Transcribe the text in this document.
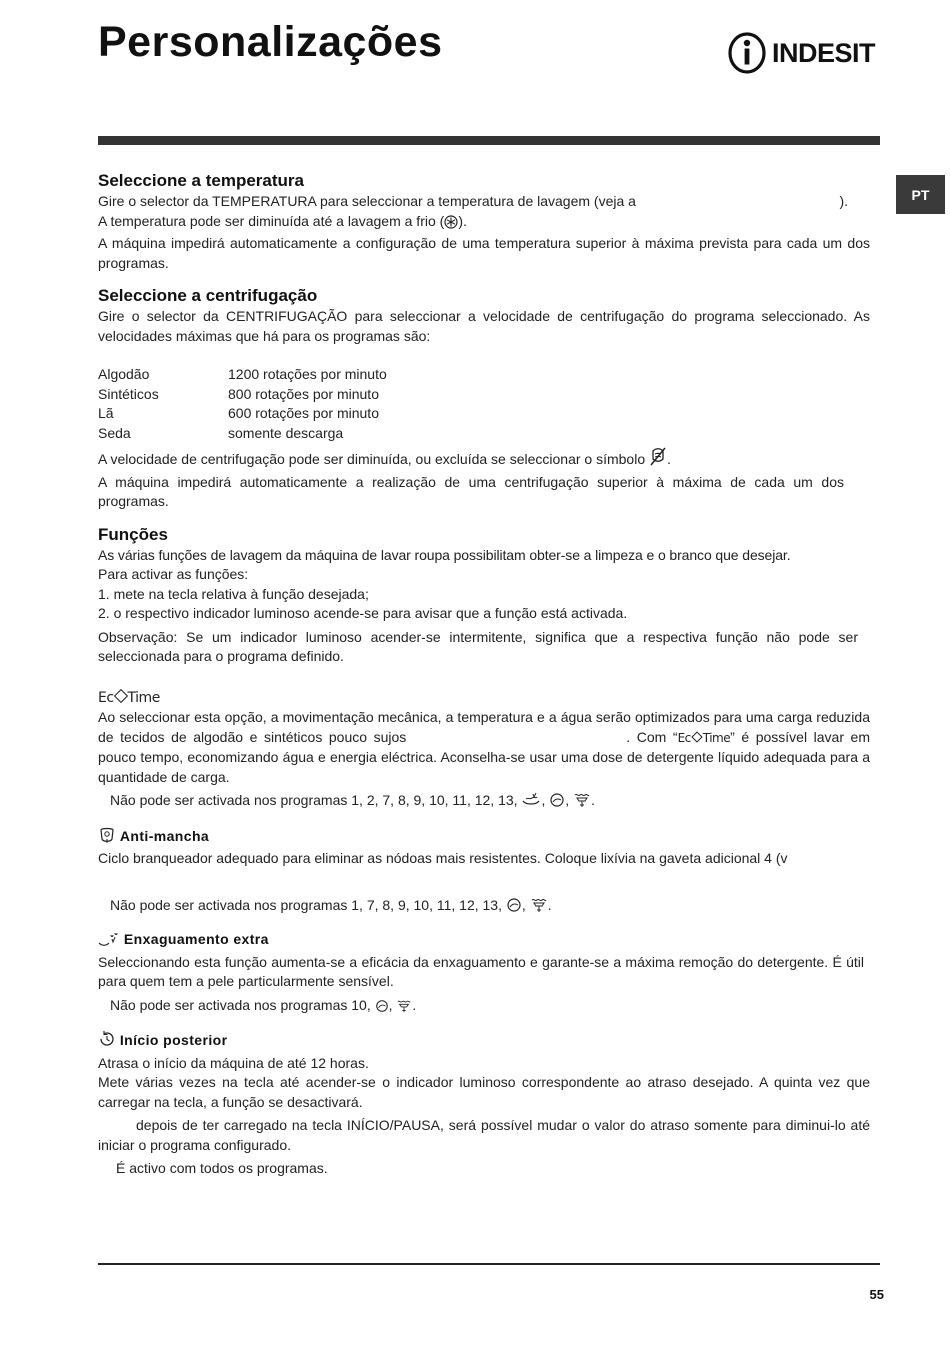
Personalizações	INDESIT
PT
Seleccione a temperatura

Gire o selector da TEMPERATURA para seleccionar a temperatura de lavagem (veja a	).

A temperatura pode ser diminuída até a lavagem a frio ( ).

A máquina impedirá automaticamente a configuração de uma temperatura superior à máxima prevista para cada um dos programas.

Seleccione a centrifugação

Gire o selector da CENTRIFUGAÇÃO para seleccionar a velocidade de centrifugação do programa seleccionado. As velocidades máximas que há para os programas são:

Algodão	1200 rotações por minuto
Sintéticos	800 rotações por minuto
Lã	600 rotações por minuto
Seda	somente descarga

A velocidade de centrifugação pode ser diminuída, ou excluída se seleccionar o símbolo .

A máquina impedirá automaticamente a realização de uma centrifugação superior à máxima de cada um dos programas.

Funções

As várias funções de lavagem da máquina de lavar roupa possibilitam obter-se a limpeza e o branco que desejar.

Para activar as funções:

1. mete na tecla relativa à função desejada;

2. o respectivo indicador luminoso acende-se para avisar que a função está activada.

Observação: Se um indicador luminoso acender-se intermitente, significa que a respectiva função não pode ser seleccionada para o programa definido.

Ec Time

Ao seleccionar esta opção, a movimentação mecânica, a temperatura e a água serão optimizados para uma carga reduzida de tecidos de algodão e sintéticos pouco sujos	. Com “Ec Time” é possível lavar em pouco tempo, economizando água e energia eléctrica. Aconselha-se usar uma dose de detergente líquido adequada para a quantidade de carga.

Não pode ser activada nos programas 1, 2, 7, 8, 9, 10, 11, 12, 13, , , .

Anti-mancha

Ciclo branqueador adequado para eliminar as nódoas mais resistentes. Coloque lixívia na gaveta adicional 4 (v

Não pode ser activada nos programas 1, 7, 8, 9, 10, 11, 12, 13, , .

Enxaguamento extra

Seleccionando esta função aumenta-se a eficácia da enxaguamento e garante-se a máxima remoção do detergente. É útil para quem tem a pele particularmente sensível.

Não pode ser activada nos programas 10, , .

Início posterior

Atrasa o início da máquina de até 12 horas.

Mete várias vezes na tecla até acender-se o indicador luminoso correspondente ao atraso desejado. A quinta vez que carregar na tecla, a função se desactivará.

depois de ter carregado na tecla INÍCIO/PAUSA, será possível mudar o valor do atraso somente para diminui-lo até iniciar o programa configurado.

É activo com todos os programas.

55
